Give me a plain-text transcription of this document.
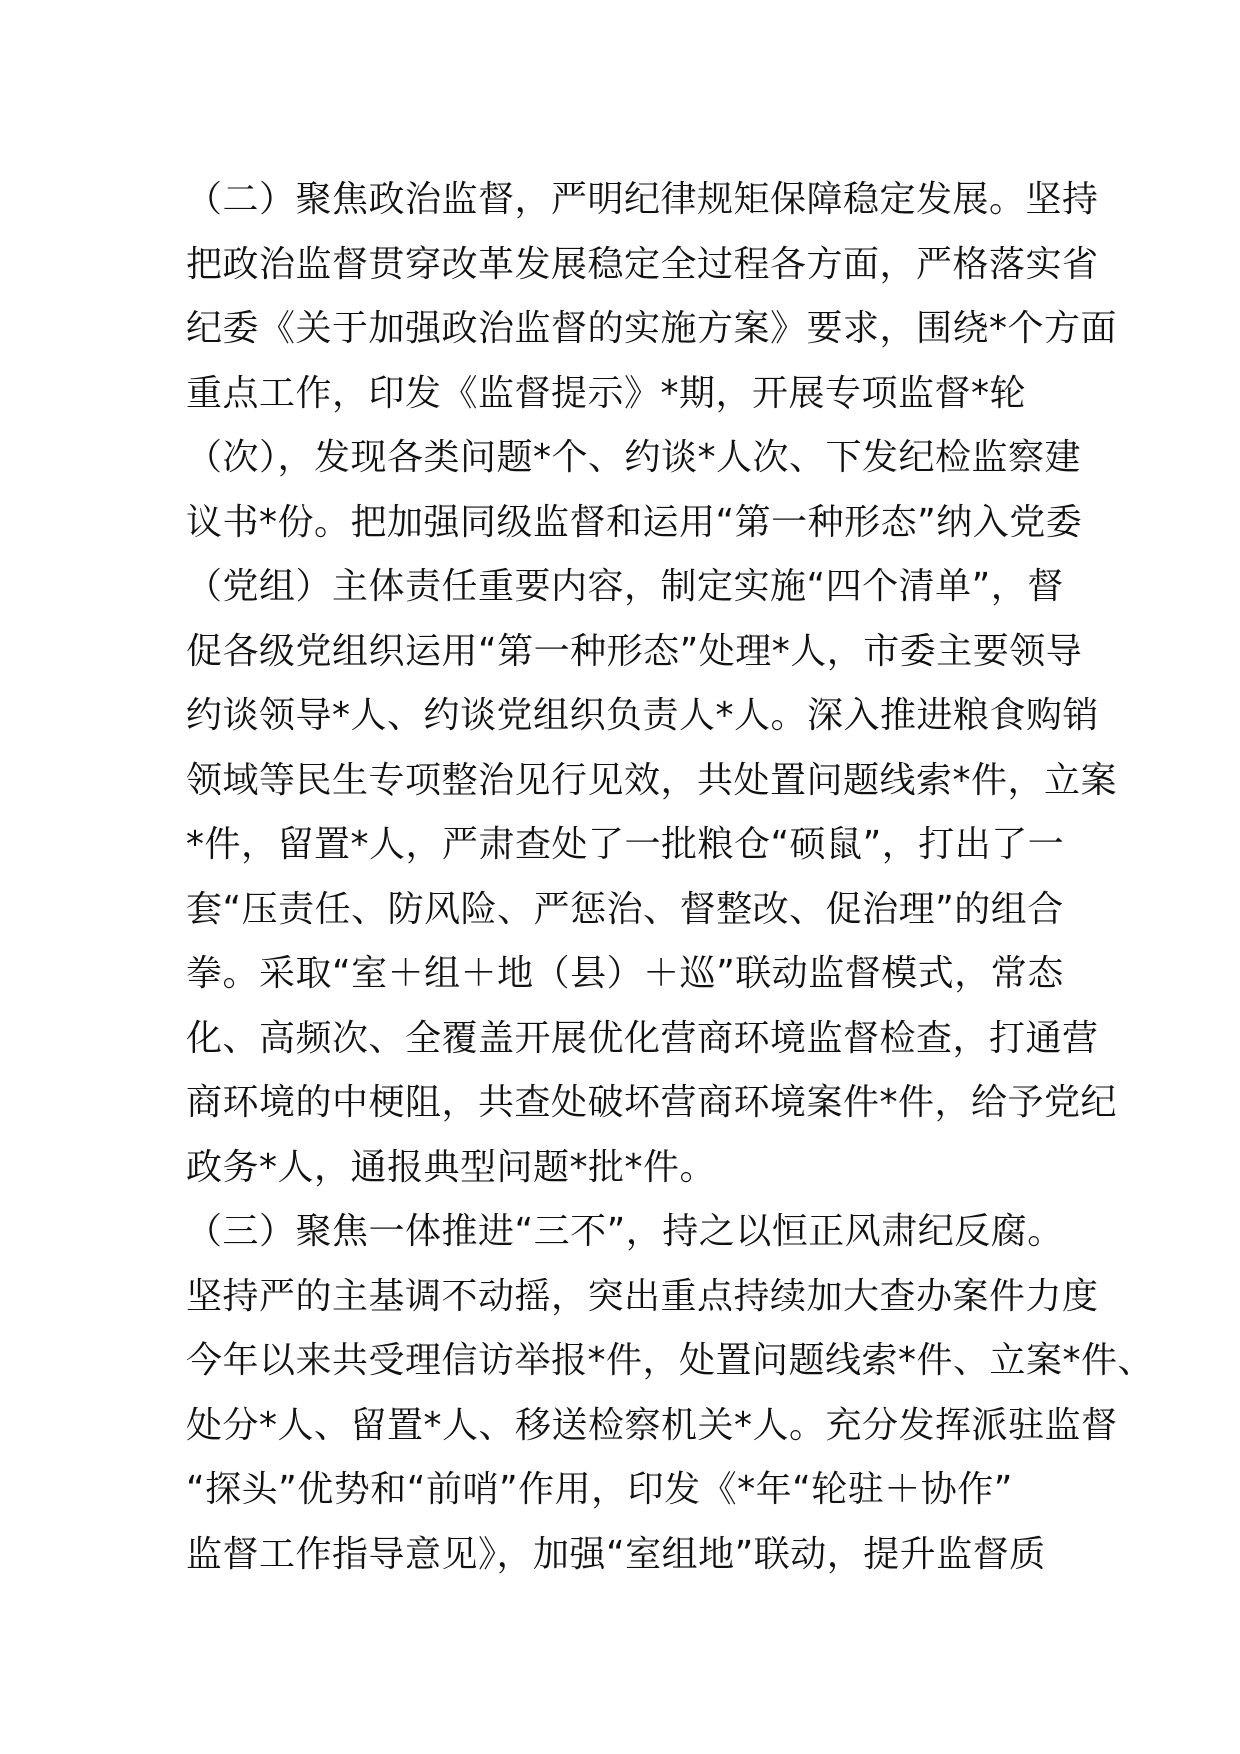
（二）聚焦政治监督，严明纪律规矩保障稳定发展。坚持
把政治监督贯穿改革发展稳定全过程各方面，严格落实省
纪委《关于加强政治监督的实施方案》要求，围绕*个方面
重点工作，印发《监督提示》*期，开展专项监督*轮
（次），发现各类问题*个、约谈*人次、下发纪检监察建
议书*份。把加强同级监督和运用“第一种形态”纳入党委
（党组）主体责任重要内容，制定实施“四个清单”，督
促各级党组织运用“第一种形态”处理*人，市委主要领导
约谈领导*人、约谈党组织负责人*人。深入推进粮食购销
领域等民生专项整治见行见效，共处置问题线索*件，立案
*件，留置*人，严肃查处了一批粮仓“硕鼠”，打出了一
套“压责任、防风险、严惩治、督整改、促治理”的组合
拳。采取“室＋组＋地（县）＋巡”联动监督模式，常态
化、高频次、全覆盖开展优化营商环境监督检查，打通营
商环境的中梗阻，共查处破坏营商环境案件*件，给予党纪
政务*人，通报典型问题*批*件。
（三）聚焦一体推进“三不”，持之以恒正风肃纪反腐。
坚持严的主基调不动摇，突出重点持续加大查办案件力度
今年以来共受理信访举报*件，处置问题线索*件、立案*件、
处分*人、留置*人、移送检察机关*人。充分发挥派驻监督
“探头”优势和“前哨”作用，印发《*年“轮驻＋协作”
监督工作指导意见》，加强“室组地”联动，提升监督质
